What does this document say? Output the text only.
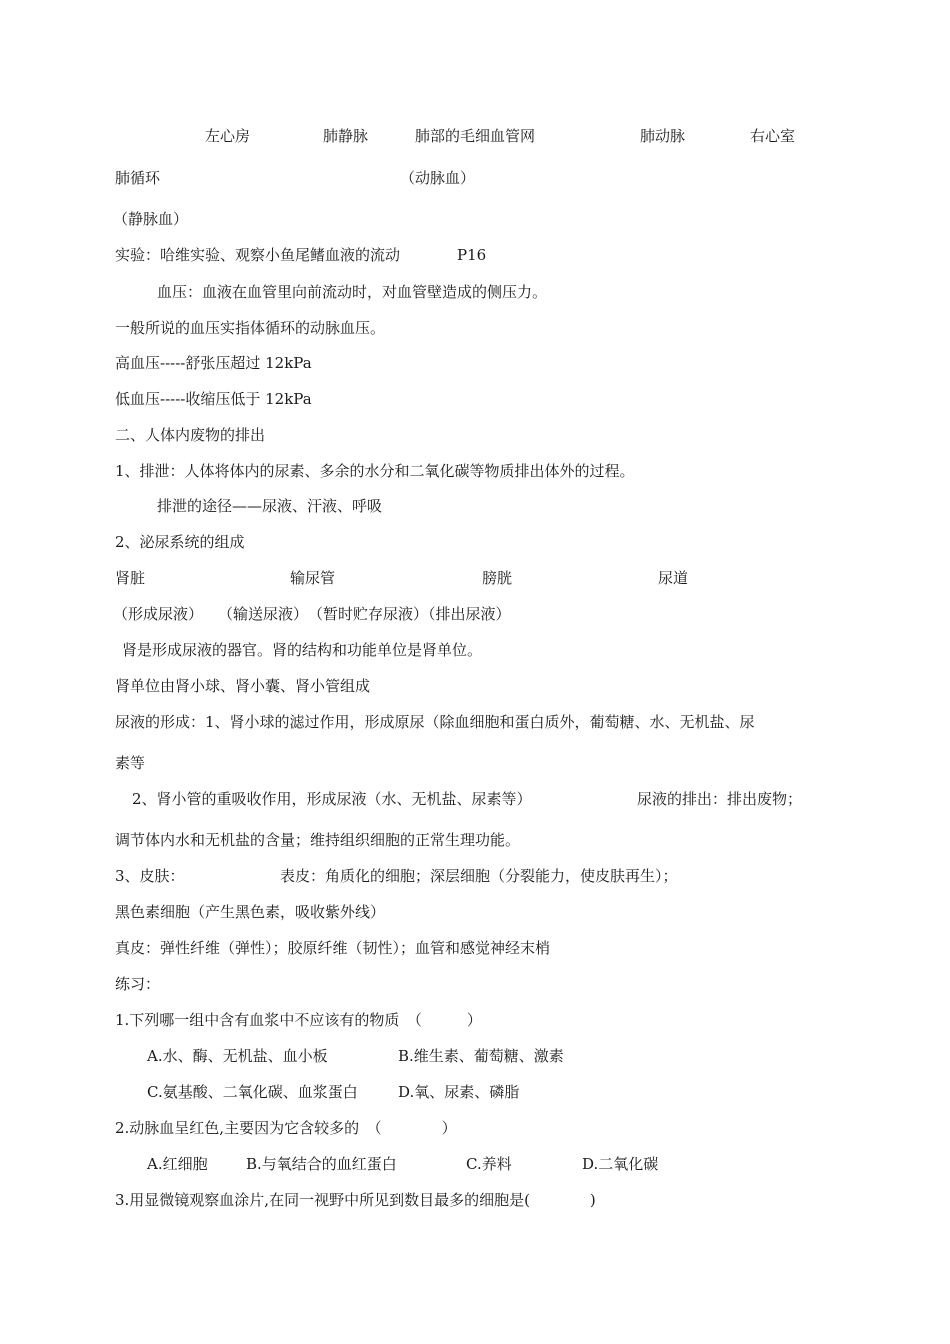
左心房	肺静脉	肺部的毛细血管网	肺动脉	右心室
肺循环	（动脉血）
（静脉血）
实验：哈维实验、观察小鱼尾鳍血液的流动	P16
血压：血液在血管里向前流动时，对血管壁造成的侧压力。
一般所说的血压实指体循环的动脉血压。
高血压-----舒张压超过 12kPa
低血压-----收缩压低于 12kPa
二、人体内废物的排出
1、排泄：人体将体内的尿素、多余的水分和二氧化碳等物质排出体外的过程。
排泄的途径——尿液、汗液、呼吸
2、泌尿系统的组成
肾脏	输尿管	膀胱	尿道
（形成尿液）　　（输送尿液）　（暂时贮存尿液）（排出尿液）
肾是形成尿液的器官。肾的结构和功能单位是肾单位。
肾单位由肾小球、肾小囊、肾小管组成
尿液的形成：1、肾小球的滤过作用，形成原尿（除血细胞和蛋白质外，葡萄糖、水、无机盐、尿
素等
2、肾小管的重吸收作用，形成尿液（水、无机盐、尿素等）	尿液的排出：排出废物；
调节体内水和无机盐的含量；维持组织细胞的正常生理功能。
3、皮肤：	表皮：角质化的细胞；深层细胞（分裂能力，使皮肤再生）；
黑色素细胞（产生黑色素，吸收紫外线）
真皮：弹性纤维（弹性）；胶原纤维（韧性）；血管和感觉神经末梢
练习：
1.下列哪一组中含有血浆中不应该有的物质　（　　　）
A.水、酶、无机盐、血小板	B.维生素、葡萄糖、激素
C.氨基酸、二氧化碳、血浆蛋白	D.氧、尿素、磷脂
2.动脉血呈红色,主要因为它含较多的　（　　　　）
A.红细胞	B.与氧结合的血红蛋白	C.养料	D.二氧化碳
3.用显微镜观察血涂片,在同一视野中所见到数目最多的细胞是(　　　　)
